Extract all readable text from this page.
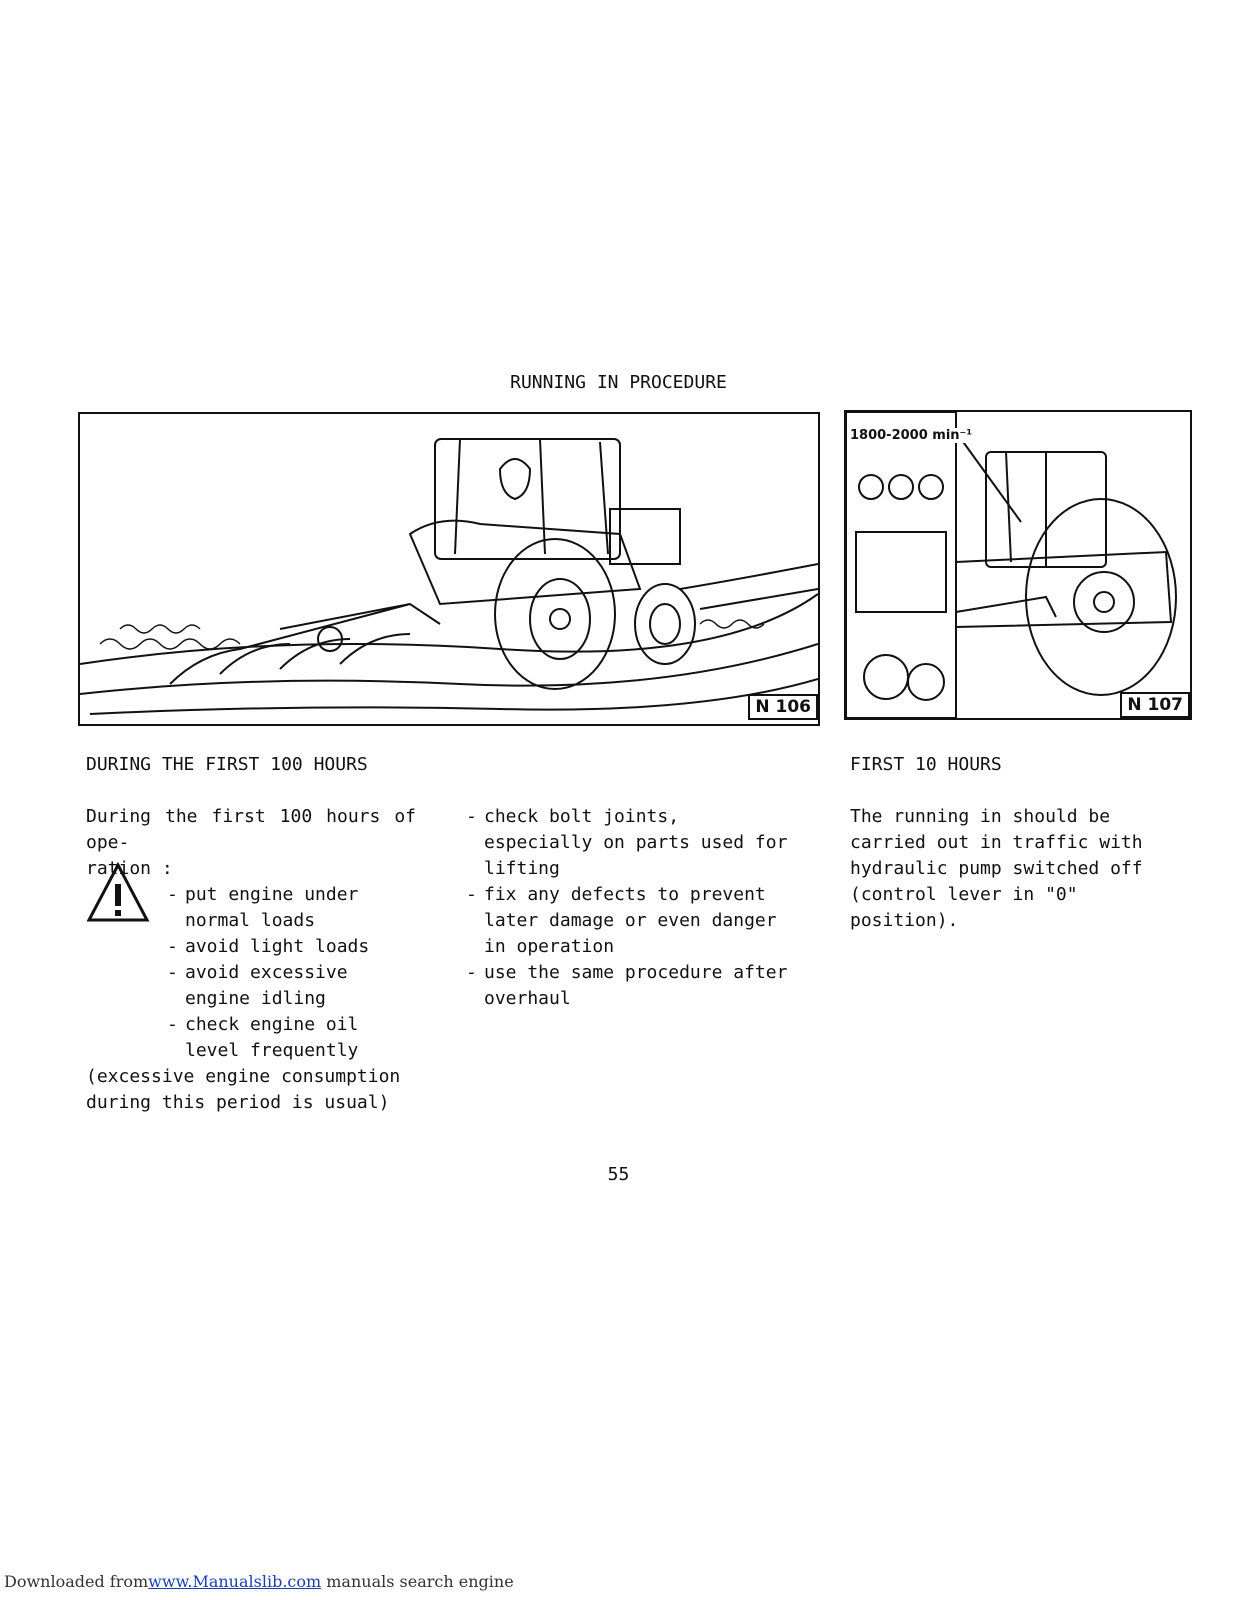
RUNNING IN PROCEDURE
N 106
1800-2000 min⁻¹
N 107
DURING THE FIRST 100 HOURS	FIRST 10 HOURS

During the first 100 hours of ope-

ration :

- put engine under normal loads
- avoid light loads
- avoid excessive engine idling
- check engine oil level frequently

(excessive engine consumption during this period is usual)

- check bolt joints, especially on parts used for lifting
- fix any defects to prevent later damage or even danger in operation
- use the same procedure after overhaul

The running in should be carried out in traffic with hydraulic pump switched off (control lever in "0" position).

55
Downloaded fromwww.Manualslib.com manuals search engine
